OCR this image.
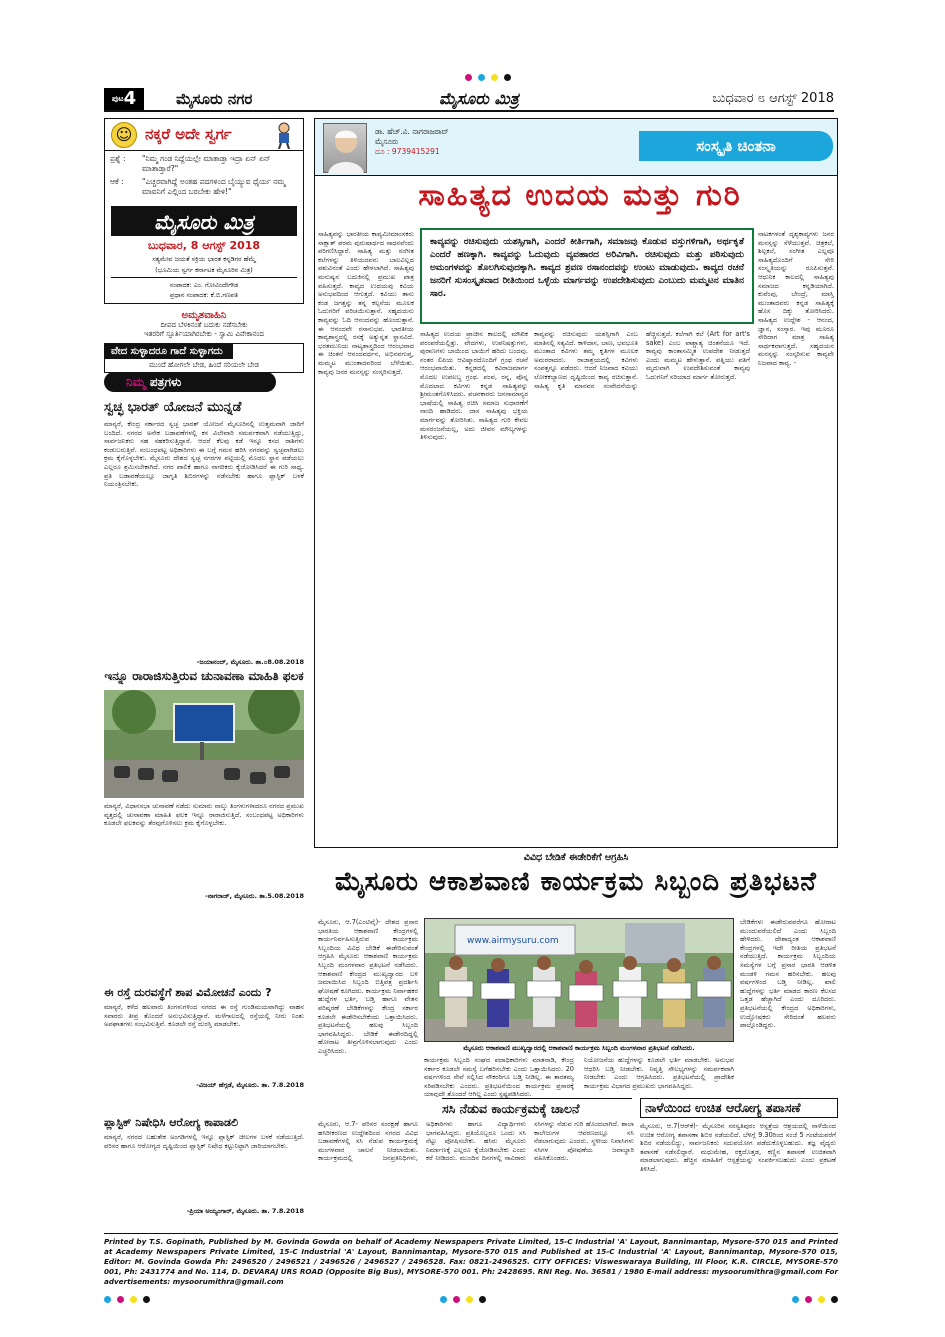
$^{ಪುಟ}$4	ಮೈಸೂರು ನಗರ	ಮೈಸೂರು ಮಿತ್ರ	ಬುಧವಾರ ೮ ಆಗಸ್ಟ್ 2018
☺ ನಕ್ಕರೆ ಅದೇ ಸ್ವರ್ಗ
ಪ್ರಶ್ನೆ :	"ನಿಮ್ಮ ಗಂಡ ನಿದ್ದೆಯಲ್ಲೇ ಮಾತಾಡ್ತಾ ಇದ್ರಾ ಏನ್ ಏನ್ ಮಾತಾಡ್ತಾರೆ?"
ಆಕೆ :	"ಎಚ್ಚರವಾಗಿದ್ದೆ ಅಂತಹ ಪದಗಳಿಂದ ಬೈಯ್ಯುವ ಧೈರ್ಯ ನಮ್ಮ ಮಾವನಿಗೆ ಎಲ್ಲಿಂದ ಬರಬೇಕು ಹೇಳಿ!"
ಮೈಸೂರು ಮಿತ್ರ
ಬುಧವಾರ, 8 ಆಗಸ್ಟ್ 2018
ಸತ್ಯಮೇವ ಜಯತೆ ಸಕ್ರಿಯ ಭಾರತ ಕನ್ನಡಿಗರ ಹೆಮ್ಮೆ
(ಭೂಮಿಯ ಸ್ವರ್ಗ ಕರ್ನಾಟಕ ಮೈಸೂರಿನ ಮಿತ್ರ)
ಸಂಪಾದಕ: ಎಂ. ಗೋವಿಂದೇಗೌಡ
ಪ್ರಧಾನ ಸಂಪಾದಕ: ಕೆ.ಬಿ.ಗಣಪತಿ
ಅಮೃತವಾಹಿನಿ
ದೀಪದ ಬೆಳಕಿನಂತೆ ಬದುಕು ನಡೆಸಬೇಕು
ಇತರರಿಗೆ ಸ್ಫೂರ್ತಿಯಾಗಿರಬೇಕು - ಸ್ವಾಮಿ ವಿವೇಕಾನಂದ
ವೇದ ಸುಳ್ಳಾದರೂ ಗಾದೆ ಸುಳ್ಳಾಗದು
ಮುಂದೆ ಹೋಗಲೇ ಬೇಡ, ಹಿಂದೆ ಸರಿಯಲೇ ಬೇಡ
ನಿಮ್ಮ ಪತ್ರಗಳು
ಸ್ವಚ್ಛ ಭಾರತ್ ಯೋಜನೆ ಮುನ್ನಡೆ
ಮಾನ್ಯರೆ, ಕೇಂದ್ರ ಸರ್ಕಾರದ ಸ್ವಚ್ಛ ಭಾರತ್ ಯೋಜನೆ ಮೈಸೂರಿನಲ್ಲಿ ಉತ್ತಮವಾಗಿ ಜಾರಿಗೆ ಬಂದಿದೆ. ನಗರದ ಅನೇಕ ಬಡಾವಣೆಗಳಲ್ಲಿ ಕಸ ವಿಲೇವಾರಿ ಸಮರ್ಪಕವಾಗಿ ನಡೆಯುತ್ತಿದ್ದು, ಸಾರ್ವಜನಿಕರು ಸಹ ಸಹಕರಿಸುತ್ತಿದ್ದಾರೆ. ಆದರೆ ಕೆಲವು ಕಡೆ ಇನ್ನೂ ಕಸದ ರಾಶಿಗಳು ಕಂಡುಬರುತ್ತಿವೆ. ಸಂಬಂಧಪಟ್ಟ ಅಧಿಕಾರಿಗಳು ಈ ಬಗ್ಗೆ ಗಮನ ಹರಿಸಿ ನಗರವನ್ನು ಸ್ವಚ್ಛವಾಗಿಡಲು ಕ್ರಮ ಕೈಗೊಳ್ಳಬೇಕು. ಮೈಸೂರು ದೇಶದ ಸ್ವಚ್ಛ ನಗರಗಳ ಪಟ್ಟಿಯಲ್ಲಿ ಮೊದಲ ಸ್ಥಾನ ಪಡೆಯಲು ಎಲ್ಲರೂ ಶ್ರಮಿಸಬೇಕಾಗಿದೆ. ನಗರ ಪಾಲಿಕೆ ಹಾಗೂ ನಾಗರಿಕರು ಕೈಜೋಡಿಸಿದರೆ ಈ ಗುರಿ ಸಾಧ್ಯ. ಪ್ರತಿ ಬಡಾವಣೆಯಲ್ಲೂ ಜಾಗೃತಿ ಶಿಬಿರಗಳನ್ನು ನಡೆಸಬೇಕು ಹಾಗೂ ಪ್ಲಾಸ್ಟಿಕ್ ಬಳಕೆ ನಿಯಂತ್ರಿಸಬೇಕು.
-ಜಯಾನಂದ್, ಮೈಸೂರು. ತಾ.೦8.08.2018
ಇನ್ನೂ ರಾರಾಜಿಸುತ್ತಿರುವ ಚುನಾವಣಾ ಮಾಹಿತಿ ಫಲಕ
ಮಾನ್ಯರೆ, ವಿಧಾನಸಭಾ ಚುನಾವಣೆ ನಡೆದು ಸುಮಾರು ನಾಲ್ಕು ತಿಂಗಳುಗಳಾದರೂ ನಗರದ ಪ್ರಮುಖ ವೃತ್ತದಲ್ಲಿ ಚುನಾವಣಾ ಮಾಹಿತಿ ಫಲಕ ಇನ್ನೂ ರಾರಾಜಿಸುತ್ತಿದೆ. ಸಂಬಂಧಪಟ್ಟ ಅಧಿಕಾರಿಗಳು ಕೂಡಲೇ ಫಲಕವನ್ನು ತೆರವುಗೊಳಿಸಲು ಕ್ರಮ ಕೈಗೊಳ್ಳಬೇಕು.
-ನಾಗರಾಜ್, ಮೈಸೂರು. ತಾ.5.08.2018
ಈ ರಸ್ತೆ ದುರವಸ್ಥೆಗೆ ಶಾಪ ವಿಮೋಚನೆ ಎಂದು ?
ಮಾನ್ಯರೆ, ಕಳೆದ ಹಲವಾರು ತಿಂಗಳುಗಳಿಂದ ನಗರದ ಈ ರಸ್ತೆ ಗುಂಡಿಮಯವಾಗಿದ್ದು ವಾಹನ ಸವಾರರು ತೀವ್ರ ತೊಂದರೆ ಅನುಭವಿಸುತ್ತಿದ್ದಾರೆ. ಮಳೆಗಾಲದಲ್ಲಿ ರಸ್ತೆಯಲ್ಲಿ ನೀರು ನಿಂತು ಅಪಘಾತಗಳು ಸಂಭವಿಸುತ್ತಿವೆ. ಕೂಡಲೇ ರಸ್ತೆ ದುರಸ್ತಿ ಮಾಡಬೇಕು.
-ವಿಜಯ್ ಹೆಗ್ಗಡೆ, ಮೈಸೂರು. ತಾ. 7.8.2018
ಪ್ಲಾಸ್ಟಿಕ್ ನಿಷೇಧಿಸಿ ಆರೋಗ್ಯ ಕಾಪಾಡಲಿ
ಮಾನ್ಯರೆ, ನಗರದ ಬಹುತೇಕ ಅಂಗಡಿಗಳಲ್ಲಿ ಇನ್ನೂ ಪ್ಲಾಸ್ಟಿಕ್ ಚೀಲಗಳ ಬಳಕೆ ನಡೆಯುತ್ತಿದೆ. ಪರಿಸರ ಹಾಗೂ ಆರೋಗ್ಯದ ದೃಷ್ಟಿಯಿಂದ ಪ್ಲಾಸ್ಟಿಕ್ ನಿಷೇಧ ಕಟ್ಟುನಿಟ್ಟಾಗಿ ಜಾರಿಯಾಗಬೇಕು.
-ಪ್ರಿಯಾ ಅಯ್ಯಂಗಾರ್, ಮೈಸೂರು. ತಾ. 7.8.2018
ಡಾ. ಹೆಚ್.ವಿ. ನಾಗರಾಜರಾವ್
ಮೈಸೂರು
ದೂ : 9739415291	ಸಂಸ್ಕೃತಿ ಚಿಂತನಾ
ಸಾಹಿತ್ಯದ ಉದಯ ಮತ್ತು ಗುರಿ
ಕಾವ್ಯವನ್ನು ರಚಿಸುವುದು ಯಶಸ್ಸಿಗಾಗಿ, ಎಂದರೆ ಕೀರ್ತಿಗಾಗಿ, ಸಮಾಜವು ಕೊಡುವ ವಸ್ತುಗಳಿಗಾಗಿ, ಅರ್ಥಕೃತೆ ಎಂದರೆ ಹಣಕ್ಕಾಗಿ. ಕಾವ್ಯವನ್ನು ಓದುವುದು ವ್ಯವಹಾರದ ಅರಿವಿಗಾಗಿ. ರಚಿಸುವುದು ಮತ್ತು ಪಠಿಸುವುದು ಅಮಂಗಳವನ್ನು ತೊಲಗಿಸುವುದಕ್ಕಾಗಿ. ಕಾವ್ಯದ ಶ್ರವಣ ರಸಾನಂದವನ್ನು ಉಂಟು ಮಾಡುವುದು. ಕಾವ್ಯದ ರಚನೆ ಜನರಿಗೆ ಸುಸಂಸ್ಕೃತವಾದ ರೀತಿಯಿಂದ ಒಳ್ಳೆಯ ಮಾರ್ಗವನ್ನು ಉಪದೇಶಿಸುವುದು ಎಂಬುದು ಮಮ್ಮಟನ ಮಾತಿನ ಸಾರ.
ಸಾಹಿತ್ಯವನ್ನು ಭಾರತೀಯ ಕಾವ್ಯಮೀಮಾಂಸಕರು ಸಾಕ್ಷಾತ್ ಪರಮ ಪುರುಷಾರ್ಥದ ಸಾಧನವೆಂದು ಪರಿಗಣಿಸಿದ್ದಾರೆ. ಸಾಹಿತ್ಯ ಮತ್ತು ಸಂಗೀತ ಕಲೆಗಳನ್ನು ತಿಳಿಯದವನು ಬಾಲವಿಲ್ಲದ ಪಶುವಿನಂತೆ ಎಂದು ಹೇಳಲಾಗಿದೆ. ಸಾಹಿತ್ಯವು ಮನುಷ್ಯನ ಬದುಕಿನಲ್ಲಿ ಪ್ರಮುಖ ಪಾತ್ರ ವಹಿಸುತ್ತದೆ. ಕಾವ್ಯದ ಉದಯವು ಕವಿಯ ಅನುಭವದಿಂದ ಆಗುತ್ತದೆ. ಕವಿಯು ತಾನು ಕಂಡ ಜಗತ್ತನ್ನು ತನ್ನ ಕಲ್ಪನೆಯ ಮೂಲಕ ಓದುಗರಿಗೆ ಪರಿಚಯಿಸುತ್ತಾನೆ. ಸಹೃದಯನು ಕಾವ್ಯವನ್ನು ಓದಿ ಆನಂದವನ್ನು ಹೊಂದುತ್ತಾನೆ. ಈ ಆನಂದವೇ ರಸಾನುಭವ. ಭಾರತೀಯ ಕಾವ್ಯಶಾಸ್ತ್ರದಲ್ಲಿ ರಸಕ್ಕೆ ಅತ್ಯುನ್ನತ ಸ್ಥಾನವಿದೆ. ಭರತಮುನಿಯ ನಾಟ್ಯಶಾಸ್ತ್ರದಿಂದ ಆರಂಭವಾದ ಈ ಚಿಂತನೆ ಆನಂದವರ್ಧನ, ಅಭಿನವಗುಪ್ತ, ಮಮ್ಮಟ ಮುಂತಾದವರಿಂದ ಬೆಳೆಯಿತು. ಕಾವ್ಯವು ಜನರ ಮನಸ್ಸನ್ನು ಸಂಸ್ಕರಿಸುತ್ತದೆ.
ಸಾಹಿತ್ಯದ ಉದಯ ಪ್ರಾಚೀನ ಕಾಲದಲ್ಲಿ ಮೌಖಿಕ ಪರಂಪರೆಯಲ್ಲಿತ್ತು. ವೇದಗಳು, ಉಪನಿಷತ್ತುಗಳು, ಪುರಾಣಗಳು ಬಾಯಿಂದ ಬಾಯಿಗೆ ಹರಿದು ಬಂದವು. ನಂತರ ಲಿಪಿಯ ಆವಿಷ್ಕಾರದೊಂದಿಗೆ ಗ್ರಂಥ ರಚನೆ ಆರಂಭವಾಯಿತು. ಕನ್ನಡದಲ್ಲಿ ಕವಿರಾಜಮಾರ್ಗ ಮೊದಲ ಉಪಲಬ್ಧ ಗ್ರಂಥ. ಪಂಪ, ರನ್ನ, ಪೊನ್ನ ಮೊದಲಾದ ಕವಿಗಳು ಕನ್ನಡ ಸಾಹಿತ್ಯವನ್ನು ಶ್ರೀಮಂತಗೊಳಿಸಿದರು. ವಚನಕಾರರು ಜನಸಾಮಾನ್ಯರ ಭಾಷೆಯಲ್ಲಿ ಸಾಹಿತ್ಯ ರಚಿಸಿ ಸಮಾಜ ಸುಧಾರಣೆಗೆ ನಾಂದಿ ಹಾಡಿದರು. ದಾಸ ಸಾಹಿತ್ಯವು ಭಕ್ತಿಯ ಮಾರ್ಗವನ್ನು ತೋರಿಸಿತು. ಸಾಹಿತ್ಯದ ಗುರಿ ಕೇವಲ ಮನರಂಜನೆಯಲ್ಲ, ಅದು ಜೀವನ ಮೌಲ್ಯಗಳನ್ನು ತಿಳಿಸುವುದು.
ಕಾವ್ಯವನ್ನು ರಚಿಸುವುದು ಯಶಸ್ಸಿಗಾಗಿ ಎಂಬ ಮಾತಿನಲ್ಲಿ ಸತ್ಯವಿದೆ. ಕಾಳಿದಾಸ, ಬಾಣ, ಭವಭೂತಿ ಮುಂತಾದ ಕವಿಗಳು ತಮ್ಮ ಕೃತಿಗಳ ಮೂಲಕ ಅಮರರಾದರು. ರಾಜಾಶ್ರಯದಲ್ಲಿ ಕವಿಗಳು ಸಂಪತ್ತನ್ನೂ ಪಡೆದರು. ಆದರೆ ನಿಜವಾದ ಕವಿಯು ಲೋಕಕಲ್ಯಾಣದ ದೃಷ್ಟಿಯಿಂದ ಕಾವ್ಯ ರಚಿಸುತ್ತಾನೆ. ಸಾಹಿತ್ಯ ಕೃತಿ ಮಾನವನ ಸಂವೇದನೆಯನ್ನು ಹೆಚ್ಚಿಸುತ್ತದೆ. ಕಲೆಗಾಗಿ ಕಲೆ (Art for art's sake) ಎಂಬ ಪಾಶ್ಚಾತ್ಯ ಚಿಂತನೆಯೂ ಇದೆ. ಕಾವ್ಯವು ಕಾಂತಾಸಮ್ಮಿತ ಉಪದೇಶ ನೀಡುತ್ತದೆ ಎಂದು ಮಮ್ಮಟ ಹೇಳುತ್ತಾನೆ. ಪತ್ನಿಯು ಪತಿಗೆ ಮೃದುವಾಗಿ ಉಪದೇಶಿಸುವಂತೆ ಕಾವ್ಯವು ಓದುಗನಿಗೆ ಸರಿಯಾದ ಮಾರ್ಗ ತೋರುತ್ತದೆ.
ನಾಟಕಗಳಂತೆ ದೃಶ್ಯಕಾವ್ಯಗಳು ಜನರ ಮನಸ್ಸನ್ನು ಸೆಳೆಯುತ್ತವೆ. ಚಿತ್ರಕಲೆ, ಶಿಲ್ಪಕಲೆ, ಸಂಗೀತ ಎಲ್ಲವೂ ಸಾಹಿತ್ಯದೊಂದಿಗೆ ಸೇರಿ ಸಂಸ್ಕೃತಿಯನ್ನು ರೂಪಿಸುತ್ತವೆ. ಆಧುನಿಕ ಕಾಲದಲ್ಲಿ ಸಾಹಿತ್ಯವು ಸಮಾಜದ ಕನ್ನಡಿಯಾಗಿದೆ. ಕುವೆಂಪು, ಬೇಂದ್ರೆ, ಮಾಸ್ತಿ ಮುಂತಾದವರು ಕನ್ನಡ ಸಾಹಿತ್ಯಕ್ಕೆ ಹೊಸ ದಿಕ್ಕು ತೋರಿಸಿದರು. ಸಾಹಿತ್ಯದ ಉದ್ದೇಶ - ಆನಂದ, ಜ್ಞಾನ, ಸಂಸ್ಕಾರ. ಇವು ಮೂರೂ ಸೇರಿದಾಗ ಮಾತ್ರ ಸಾಹಿತ್ಯ ಸಾರ್ಥಕವಾಗುತ್ತದೆ. ಸಹೃದಯನ ಮನಸ್ಸನ್ನು ಸಂಸ್ಕರಿಸುವ ಕಾವ್ಯವೇ ನಿಜವಾದ ಕಾವ್ಯ. -
ವಿವಿಧ ಬೇಡಿಕೆ ಈಡೇರಿಕೆಗೆ ಆಗ್ರಹಿಸಿ
ಮೈಸೂರು ಆಕಾಶವಾಣಿ ಕಾರ್ಯಕ್ರಮ ಸಿಬ್ಬಂದಿ ಪ್ರತಿಭಟನೆ
ಮೈಸೂರು, ಆ.7(ಎಂಟಿವೈ)- ದೇಶದ ಪ್ರಸಾರ ಭಾರತಿಯ ಆಕಾಶವಾಣಿ ಕೇಂದ್ರಗಳಲ್ಲಿ ಕಾರ್ಯನಿರ್ವಹಿಸುತ್ತಿರುವ ಕಾರ್ಯಕ್ರಮ ಸಿಬ್ಬಂದಿಯ ವಿವಿಧ ಬೇಡಿಕೆ ಈಡೇರಿಸುವಂತೆ ಆಗ್ರಹಿಸಿ ಮೈಸೂರು ಆಕಾಶವಾಣಿ ಕಾರ್ಯಕ್ರಮ ಸಿಬ್ಬಂದಿ ಮಂಗಳವಾರ ಪ್ರತಿಭಟನೆ ನಡೆಸಿದರು. ಆಕಾಶವಾಣಿ ಕೇಂದ್ರದ ಮುಖ್ಯದ್ವಾರದ ಬಳಿ ಜಮಾಯಿಸಿದ ಸಿಬ್ಬಂದಿ ಬಿತ್ತಿಪತ್ರ ಪ್ರದರ್ಶಿಸಿ ಘೋಷಣೆ ಕೂಗಿದರು. ಕಾರ್ಯಕ್ರಮ ನಿರ್ವಾಹಕರ ಹುದ್ದೆಗಳ ಭರ್ತಿ, ಬಡ್ತಿ ಹಾಗೂ ವೇತನ ಪರಿಷ್ಕರಣೆ ಬೇಡಿಕೆಗಳನ್ನು ಕೇಂದ್ರ ಸರ್ಕಾರ ಕೂಡಲೇ ಈಡೇರಿಸಬೇಕೆಂದು ಒತ್ತಾಯಿಸಿದರು. ಪ್ರತಿಭಟನೆಯಲ್ಲಿ ಹಲವು ಸಿಬ್ಬಂದಿ ಭಾಗವಹಿಸಿದ್ದರು. ಬೇಡಿಕೆ ಈಡೇರದಿದ್ದಲ್ಲಿ ಹೋರಾಟ ತೀವ್ರಗೊಳಿಸಲಾಗುವುದು ಎಂದು ಎಚ್ಚರಿಸಿದರು.
www.airmysuru.com
ಮೈಸೂರು ಆಕಾಶವಾಣಿ ಮುಖ್ಯದ್ವಾರದಲ್ಲಿ ಆಕಾಶವಾಣಿ ಕಾರ್ಯಕ್ರಮ ಸಿಬ್ಬಂದಿ ಮಂಗಳವಾರ ಪ್ರತಿಭಟನೆ ನಡೆಸಿದರು.
ಬೇಡಿಕೆಗಳು ಈಡೇರುವವರೆಗೂ ಹೋರಾಟ ಮುಂದುವರೆಯಲಿದೆ ಎಂದು ಸಿಬ್ಬಂದಿ ಹೇಳಿದರು. ದೇಶಾದ್ಯಂತ ಆಕಾಶವಾಣಿ ಕೇಂದ್ರಗಳಲ್ಲಿ ಇದೇ ರೀತಿಯ ಪ್ರತಿಭಟನೆ ನಡೆಯುತ್ತಿದೆ. ಕಾರ್ಯಕ್ರಮ ಸಿಬ್ಬಂದಿಯ ಸಮಸ್ಯೆಗಳ ಬಗ್ಗೆ ಪ್ರಸಾರ ಭಾರತಿ ಆಡಳಿತ ಮಂಡಳಿ ಗಮನ ಹರಿಸಬೇಕು. ಹಲವು ವರ್ಷಗಳಿಂದ ಬಡ್ತಿ ನೀಡಿಲ್ಲ. ಖಾಲಿ ಹುದ್ದೆಗಳನ್ನು ಭರ್ತಿ ಮಾಡದ ಕಾರಣ ಕೆಲಸದ ಒತ್ತಡ ಹೆಚ್ಚಾಗಿದೆ ಎಂದು ದೂರಿದರು. ಪ್ರತಿಭಟನೆಯಲ್ಲಿ ಕೇಂದ್ರದ ಅಧಿಕಾರಿಗಳು, ಉದ್ಘೋಷಕರು ಸೇರಿದಂತೆ ಹಲವರು ಪಾಲ್ಗೊಂಡಿದ್ದರು.
ಕಾರ್ಯಕ್ರಮ ಸಿಬ್ಬಂದಿ ಸಂಘದ ಪದಾಧಿಕಾರಿಗಳು ಮಾತನಾಡಿ, ಕೇಂದ್ರ ಸರ್ಕಾರ ಕೂಡಲೇ ಸಮಸ್ಯೆ ಬಗೆಹರಿಸಬೇಕು ಎಂದು ಒತ್ತಾಯಿಸಿದರು. 20 ವರ್ಷಗಳಿಂದ ಸೇವೆ ಸಲ್ಲಿಸಿದ ನೌಕರರಿಗೂ ಬಡ್ತಿ ನೀಡಿಲ್ಲ. ಈ ತಾರತಮ್ಯ ಸರಿಪಡಿಸಬೇಕು ಎಂದರು. ಪ್ರತಿಭಟನೆಯಿಂದ ಕಾರ್ಯಕ್ರಮ ಪ್ರಸಾರಕ್ಕೆ ಯಾವುದೇ ತೊಂದರೆ ಆಗಿಲ್ಲ ಎಂದು ಸ್ಪಷ್ಟಪಡಿಸಿದರು.
ನಿಯೋಜನೆಯ ಹುದ್ದೆಗಳನ್ನು ಕೂಡಲೇ ಭರ್ತಿ ಮಾಡಬೇಕು. ಅನುಭವ ಆಧರಿಸಿ ಬಡ್ತಿ ನೀಡಬೇಕು. ನಿವೃತ್ತಿ ಸೌಲಭ್ಯಗಳನ್ನು ಸಮರ್ಪಕವಾಗಿ ನೀಡಬೇಕು ಎಂದು ಆಗ್ರಹಿಸಿದರು. ಪ್ರತಿಭಟನೆಯಲ್ಲಿ ಪ್ರಾದೇಶಿಕ ಕಾರ್ಯಕ್ರಮ ವಿಭಾಗದ ಪ್ರಮುಖರು ಭಾಗವಹಿಸಿದ್ದರು.
ಸಸಿ ನೆಡುವ ಕಾರ್ಯಕ್ರಮಕ್ಕೆ ಚಾಲನೆ
ಮೈಸೂರು, ಆ.7- ಪರಿಸರ ಸಂರಕ್ಷಣೆ ಹಾಗೂ ಹಸಿರೀಕರಣದ ಉದ್ದೇಶದಿಂದ ನಗರದ ವಿವಿಧ ಬಡಾವಣೆಗಳಲ್ಲಿ ಸಸಿ ನೆಡುವ ಕಾರ್ಯಕ್ರಮಕ್ಕೆ ಮಂಗಳವಾರ ಚಾಲನೆ ನೀಡಲಾಯಿತು. ಕಾರ್ಯಕ್ರಮದಲ್ಲಿ ಜನಪ್ರತಿನಿಧಿಗಳು, ಅಧಿಕಾರಿಗಳು ಹಾಗೂ ವಿದ್ಯಾರ್ಥಿಗಳು ಭಾಗವಹಿಸಿದ್ದರು. ಪ್ರತಿಯೊಬ್ಬರೂ ಒಂದು ಸಸಿ ನೆಟ್ಟು ಪೋಷಿಸಬೇಕು. ಹಸಿರು ಮೈಸೂರು ನಿರ್ಮಾಣಕ್ಕೆ ಎಲ್ಲರೂ ಕೈಜೋಡಿಸಬೇಕು ಎಂದು ಕರೆ ನೀಡಿದರು. ಮುಂದಿನ ದಿನಗಳಲ್ಲಿ ಸಾವಿರಾರು ಸಸಿಗಳನ್ನು ನೆಡುವ ಗುರಿ ಹೊಂದಲಾಗಿದೆ. ಶಾಲಾ ಕಾಲೇಜುಗಳ ಆವರಣದಲ್ಲೂ ಸಸಿ ನೆಡಲಾಗುವುದು ಎಂದರು. ಸ್ಥಳೀಯ ನಿವಾಸಿಗಳು ಸಸಿಗಳ ಪೋಷಣೆಯ ಜವಾಬ್ದಾರಿ ವಹಿಸಿಕೊಂಡರು.
ನಾಳೆಯಿಂದ ಉಚಿತ ಆರೋಗ್ಯ ತಪಾಸಣೆ
ಮೈಸೂರು, ಆ.7(ಆರ್‌ಕೆ)- ಮೈಸೂರಿನ ಸರಸ್ವತಿಪುರಂ ಆಸ್ಪತ್ರೆಯ ಆಶ್ರಯದಲ್ಲಿ ನಾಳೆಯಿಂದ ಉಚಿತ ಆರೋಗ್ಯ ತಪಾಸಣಾ ಶಿಬಿರ ನಡೆಯಲಿದೆ. ಬೆಳಿಗ್ಗೆ 9.30ರಿಂದ ಸಂಜೆ 5 ಗಂಟೆಯವರೆಗೆ ಶಿಬಿರ ನಡೆಯಲಿದ್ದು, ಸಾರ್ವಜನಿಕರು ಸದುಪಯೋಗ ಪಡೆದುಕೊಳ್ಳಬಹುದು. ತಜ್ಞ ವೈದ್ಯರು ತಪಾಸಣೆ ನಡೆಸಲಿದ್ದಾರೆ. ಮಧುಮೇಹ, ರಕ್ತದೊತ್ತಡ, ಕಣ್ಣಿನ ತಪಾಸಣೆ ಉಚಿತವಾಗಿ ಮಾಡಲಾಗುವುದು. ಹೆಚ್ಚಿನ ಮಾಹಿತಿಗೆ ಆಸ್ಪತ್ರೆಯನ್ನು ಸಂಪರ್ಕಿಸಬಹುದು ಎಂದು ಪ್ರಕಟಣೆ ತಿಳಿಸಿದೆ.
Printed by T.S. Gopinath, Published by M. Govinda Gowda on behalf of Academy Newspapers Private Limited, 15-C Industrial 'A' Layout, Bannimantap, Mysore-570 015 and Printed at Academy Newspapers Private Limited, 15-C Industrial 'A' Layout, Bannimantap, Mysore-570 015 and Published at 15-C Industrial 'A' Layout, Bannimantap, Mysore-570 015, Editor: M. Govinda Gowda Ph: 2496520 / 2496521 / 2496526 / 2496527 / 2496528. Fax: 0821-2496525. CITY OFFICES: Visweswaraya Building, III Floor, K.R. CIRCLE, MYSORE-570 001, Ph: 2431774 and No. 114, D. DEVARAJ URS ROAD (Opposite Big Bus), MYSORE-570 001. Ph: 2428695. RNI Reg. No. 36581 / 1980 E-mail address: mysoorumithra@gmail.com For advertisements: mysoorumithra@gmail.com
